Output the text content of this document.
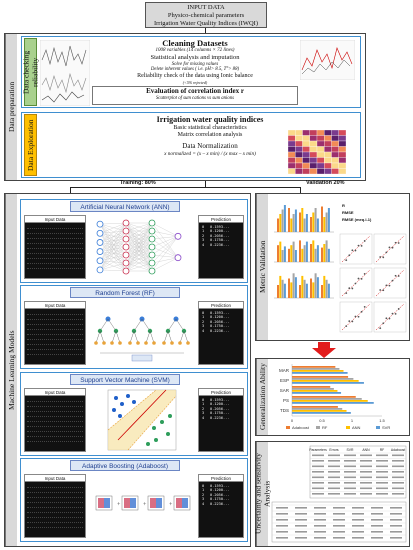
INPUT DATA
Physico-chemical parameters
Irrigation Water Quality Indices (IWQI)
Data preparation
Data checking reliability
Cleaning Datasets
1008 variables (14 columns × 72 lines)
Statistical analysis and imputation
Solve for missing values
Delete inherent values ( i.e. pH> 8.5, T°> 88)
Reliability check of the data using Ionic balance
(<5% rejected)
Evaluation of correlation index r
Scatterplot of sum cations vs sum anions
Data Exploration	Irrigation water quality indices
Basic statistical characteristics
Matrix correlation analysis
Data Normalization
x normalized = (x – x min) / (x max – x min)
Training: 80%	Validation 20%
Machine Learning Models
Artificial Neural Network (ANN)
Input Data	Prediction
0 0.1593...
1 0.1200...
2 0.2056...
3 0.1750...
4 0.2236...
Random Forest (RF)
Input Data	Prediction
0 0.1593...
1 0.1200...
2 0.2056...
3 0.1750...
4 0.2236...
Support Vector Machine (SVM)
Input Data	Prediction
0 0.1593...
1 0.1200...
2 0.2056...
3 0.1750...
4 0.2236...
Adaptive Boosting (Adaboost)
Input Data
+	+	+
Prediction
0 0.1593...
1 0.1200...
2 0.2056...
3 0.1750...
4 0.2236...
Metric Validation
R
RMSE
RMSE (meq.l-1)
Generalization Ability	MAR
ESP
SAR
PS
TDS
0	0.5	1	1.5
Adaboost	RF	ANN	SVR
Uncertainty and sensitivity Analysis
Parameters Errors SVR	ANN	RF Adaboost
